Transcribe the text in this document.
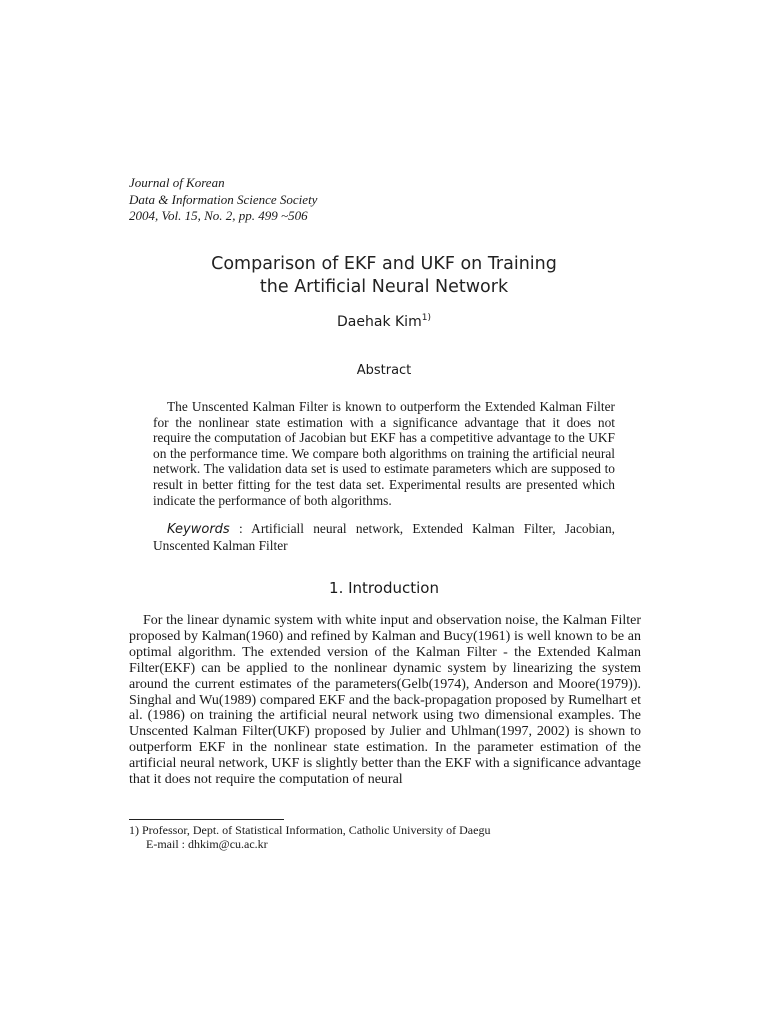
Journal of Korean
Data & Information Science Society
2004, Vol. 15, No. 2, pp. 499 ~506
Comparison of EKF and UKF on Training
the Artificial Neural Network
Daehak Kim$^{1)}$
Abstract
The Unscented Kalman Filter is known to outperform the Extended Kalman Filter for the nonlinear state estimation with a significance advantage that it does not require the computation of Jacobian but EKF has a competitive advantage to the UKF on the performance time. We compare both algorithms on training the artificial neural network. The validation data set is used to estimate parameters which are supposed to result in better fitting for the test data set. Experimental results are presented which indicate the performance of both algorithms.
Keywords : Artificiall neural network, Extended Kalman Filter, Jacobian, Unscented Kalman Filter
1. Introduction
For the linear dynamic system with white input and observation noise, the Kalman Filter proposed by Kalman(1960) and refined by Kalman and Bucy(1961) is well known to be an optimal algorithm. The extended version of the Kalman Filter - the Extended Kalman Filter(EKF) can be applied to the nonlinear dynamic system by linearizing the system around the current estimates of the parameters(Gelb(1974), Anderson and Moore(1979)). Singhal and Wu(1989) compared EKF and the back-propagation proposed by Rumelhart et al. (1986) on training the artificial neural network using two dimensional examples. The Unscented Kalman Filter(UKF) proposed by Julier and Uhlman(1997, 2002) is shown to outperform EKF in the nonlinear state estimation. In the parameter estimation of the artificial neural network, UKF is slightly better than the EKF with a significance advantage that it does not require the computation of neural
1) Professor, Dept. of Statistical Information, Catholic University of Daegu
E-mail : dhkim@cu.ac.kr
